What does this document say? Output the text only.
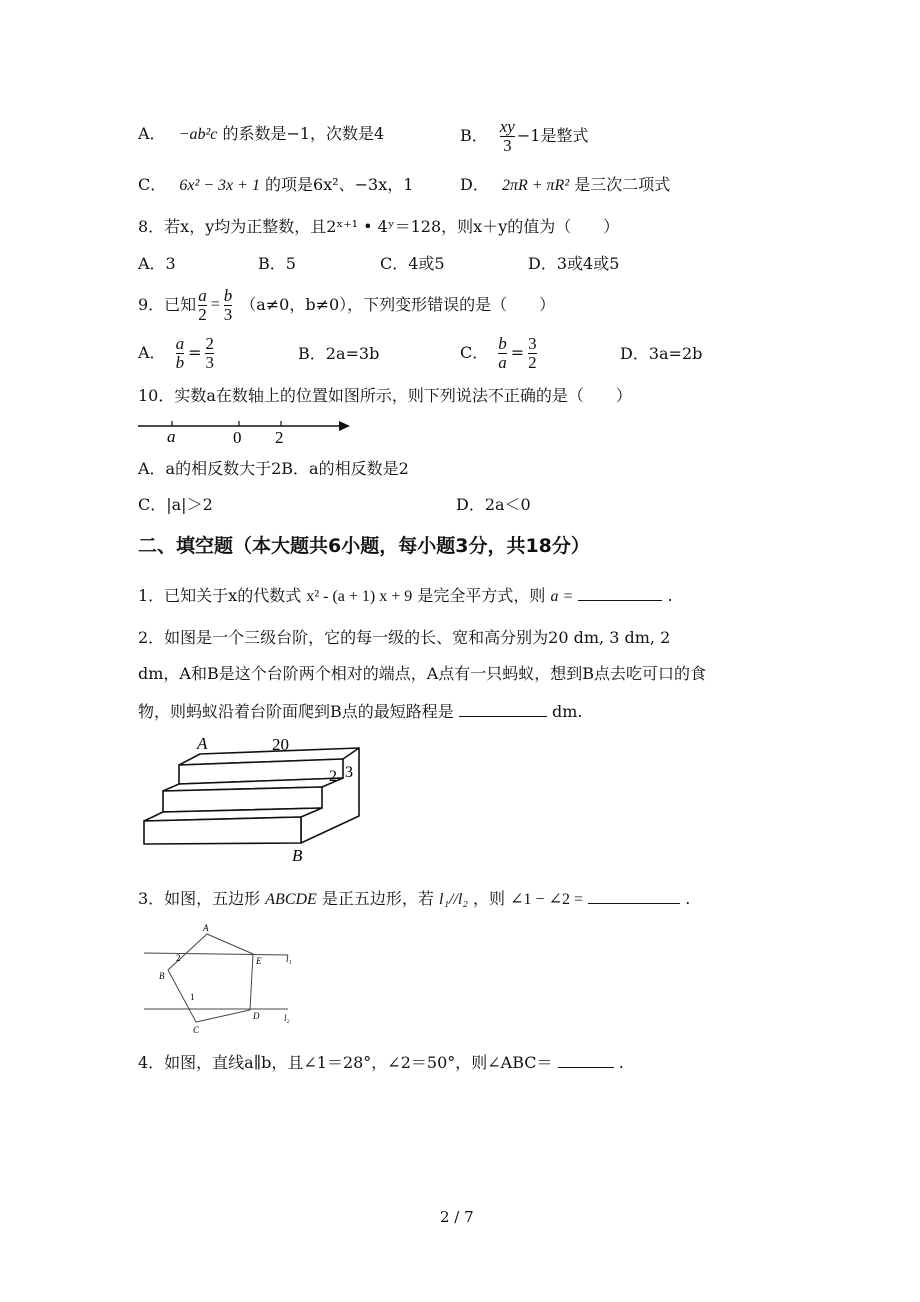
A． −ab²c 的系数是−1，次数是4	B． $\frac{xy}{3} -1$是整式
C． 6x² − 3x + 1 的项是6x²、−3x，1	D． 2πR + πR² 是三次二项式
8．若x，y均为正整数，且2ˣ⁺¹ • 4ʸ＝128，则x＋y的值为（　　）
A．3	B．5	C．4或5	D．3或4或5
9．已知 $\frac{a}{2} = \frac{b}{3} (a\ne 0$，b≠0），下列变形错误的是（　　）
A． $\frac{a}{b} = \frac{2}{3}$	B．2a=3b	C． $\frac{b}{a} = \frac{3}{2}$	D．3a=2b
10．实数a在数轴上的位置如图所示，则下列说法不正确的是（　　）
a	0 2
A．a的相反数大于2B．a的相反数是2
C．|a|＞2	D．2a＜0
二、填空题（本大题共6小题，每小题3分，共18分）
1．已知关于x的代数式 x² - (a + 1) x + 9 是完全平方式，则 a =	.
2．如图是一个三级台阶，它的每一级的长、宽和高分别为20 dm, 3 dm, 2
dm，A和B是这个台阶两个相对的端点，A点有一只蚂蚁，想到B点去吃可口的食
物，则蚂蚁沿着台阶面爬到B点的最短路程是	dm.
A	20
2 3
B
3．如图，五边形 ABCDE 是正五边形，若 l₁//l₂ ，则 ∠1 − ∠2 =	.
A
B
C
D
E
1
2	l₁
l₂
4．如图，直线a∥b，且∠1＝28°，∠2＝50°，则∠ABC＝	.
2 / 7
